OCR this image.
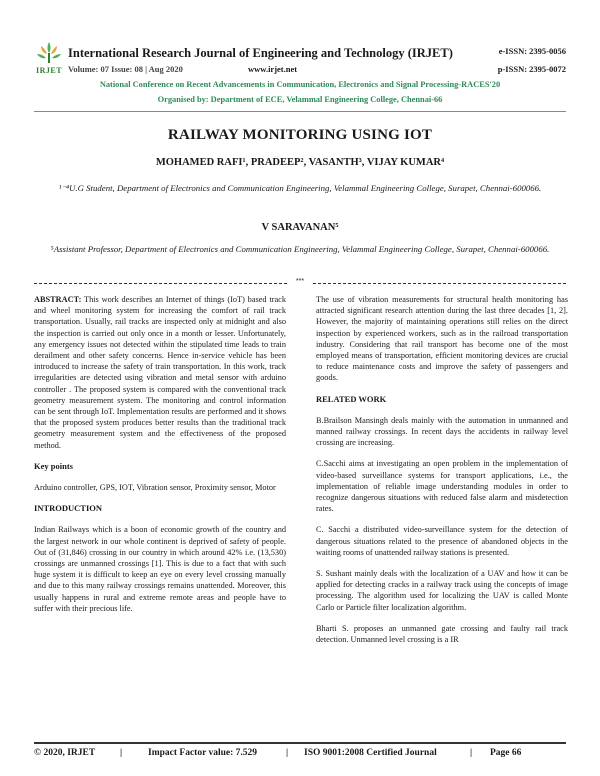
IRJET
International Research Journal of Engineering and Technology (IRJET)
Volume: 07 Issue: 08 | Aug 2020	www.irjet.net
e-ISSN: 2395-0056
p-ISSN: 2395-0072
National Conference on Recent Advancements in Communication, Electronics and Signal Processing-RACES'20
Organised by: Department of ECE, Velammal Engineering College, Chennai-66
RAILWAY MONITORING USING IOT
MOHAMED RAFI¹, PRADEEP², VASANTH³, VIJAY KUMAR⁴
¹⁻⁴U.G Student, Department of Electronics and Communication Engineering, Velammal Engineering College, Surapet, Chennai-600066.
V SARAVANAN⁵
⁵Assistant Professor, Department of Electronics and Communication Engineering, Velammal Engineering College, Surapet, Chennai-600066.
***

ABSTRACT: This work describes an Internet of things (IoT) based track and wheel monitoring system for increasing the comfort of rail track transportation. Usually, rail tracks are inspected only at midnight and also the inspection is carried out only once in a month or lesser. Unfortunately, any emergency issues not detected within the stipulated time leads to train derailment and other safety concerns. Hence in-service vehicle has been introduced to increase the safety of train transportation. In this work, track irregularities are detected using vibration and metal sensor with arduino controller . The proposed system is compared with the conventional track geometry measurement system. The monitoring and control information can be sent through IoT. Implementation results are performed and it shows that the proposed system produces better results than the traditional track geometry measurement system and the effectiveness of the proposed method.

Key points

Arduino controller, GPS, IOT, Vibration sensor, Proximity sensor, Motor

INTRODUCTION

Indian Railways which is a boon of economic growth of the country and the largest network in our whole continent is deprived of safety of people. Out of (31,846) crossing in our country in which around 42% i.e. (13,530) crossings are unmanned crossings [1]. This is due to a fact that with such huge system it is difficult to keep an eye on every level crossing manually and due to this many railway crossings remains unattended. Moreover, this usually happens in rural and extreme remote areas and people have to suffer with their precious life.

The use of vibration measurements for structural health monitoring has attracted significant research attention during the last three decades [1, 2]. However, the majority of maintaining operations still relies on the direct inspection by experienced workers, such as in the railroad transportation industry. Considering that rail transport has become one of the most employed means of transportation, efficient monitoring devices are crucial to reduce maintenance costs and improve the safety of passengers and goods.

RELATED WORK

B.Brailson Mansingh deals mainly with the automation in unmanned and manned railway crossings. In recent days the accidents in railway level crossing are increasing.

C.Sacchi aims at investigating an open problem in the implementation of video-based surveillance systems for transport applications, i.e., the implementation of reliable image understanding modules in order to recognize dangerous situations with reduced false alarm and misdetection rates.

C. Sacchi a distributed video-surveillance system for the detection of dangerous situations related to the presence of abandoned objects in the waiting rooms of unattended railway stations is presented.

S. Sushant mainly deals with the localization of a UAV and how it can be applied for detecting cracks in a railway track using the concepts of image processing. The algorithm used for localizing the UAV is called Monte Carlo or Particle filter localization algorithm.

Bharti S. proposes an unmanned gate crossing and faulty rail track detection. Unmanned level crossing is a IR

© 2020, IRJET	|	Impact Factor value: 7.529	| ISO 9001:2008 Certified Journal	| Page 66
